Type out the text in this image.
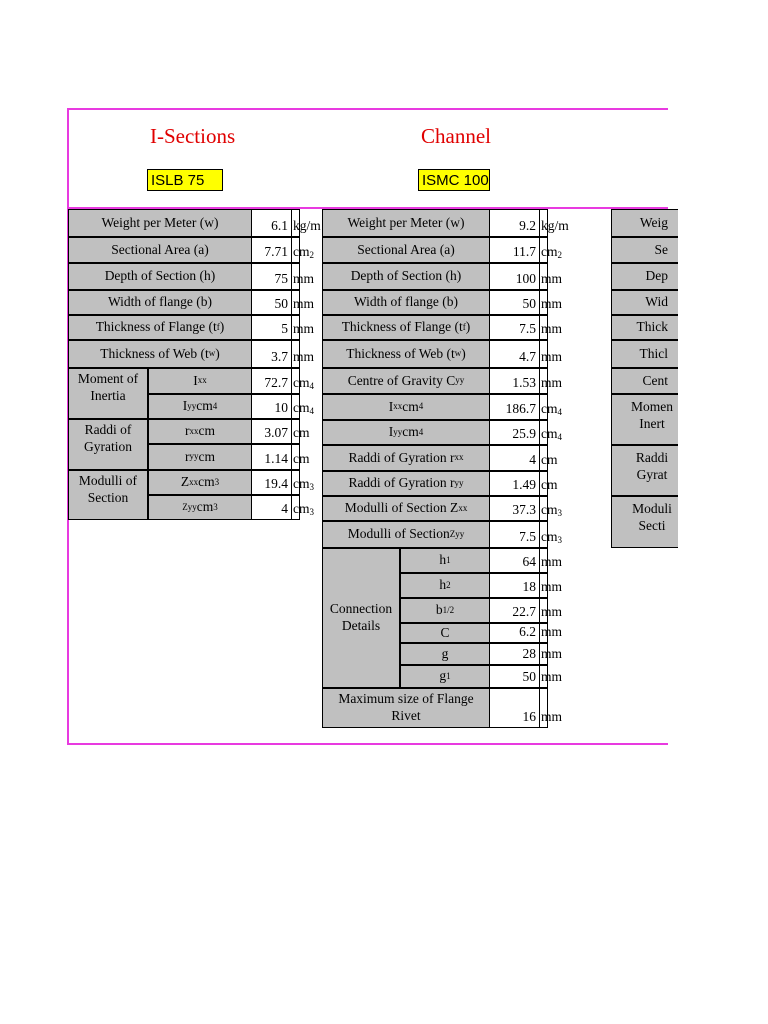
I-Sections	Channel
ISLB 75	ISMC 100
Weight per Meter (w)	6.1 kg/m
Sectional Area (a)	7.71 cm 2
Depth of Section (h)	75 mm
Width of flange (b)	50 mm
Thickness of Flange (t f )	5 mm
Thickness of Web (t w )	3.7 mm
Moment of Inertia
I xx	72.7 cm 4
I yy cm 4	10 cm 4
Raddi of Gyration
r xx cm	3.07 cm
r yy cm	1.14 cm
Modulli of Section
Z xx cm 3	19.4 cm 3
Zyy cm 3	4 cm 3
Weight per Meter (w)	9.2 kg/m
Sectional Area (a)	11.7 cm 2
Depth of Section (h)	100 mm
Width of flange (b)	50 mm
Thickness of Flange (t f )	7.5 mm
Thickness of Web (t w )	4.7 mm
Centre of Gravity C yy	1.53 mm
I xx cm 4	186.7 cm 4
I yy cm 4	25.9 cm 4
Raddi of Gyration r xx	4 cm
Raddi of Gyration r yy	1.49 cm
Modulli of Section Z xx	37.3 cm 3
Modulli of Section Zyy	7.5 cm 3
Connection Details
h 1	64 mm
h 2	18 mm
b 1/2	22.7 mm
C	6.2 mm
g	28 mm
g 1	50 mm
Maximum size of Flange Rivet	16 mm
Weig
Se
Dep
Wid
Thick
Thicl
Cent
Momen Inert
Raddi Gyrat
Moduli Secti
